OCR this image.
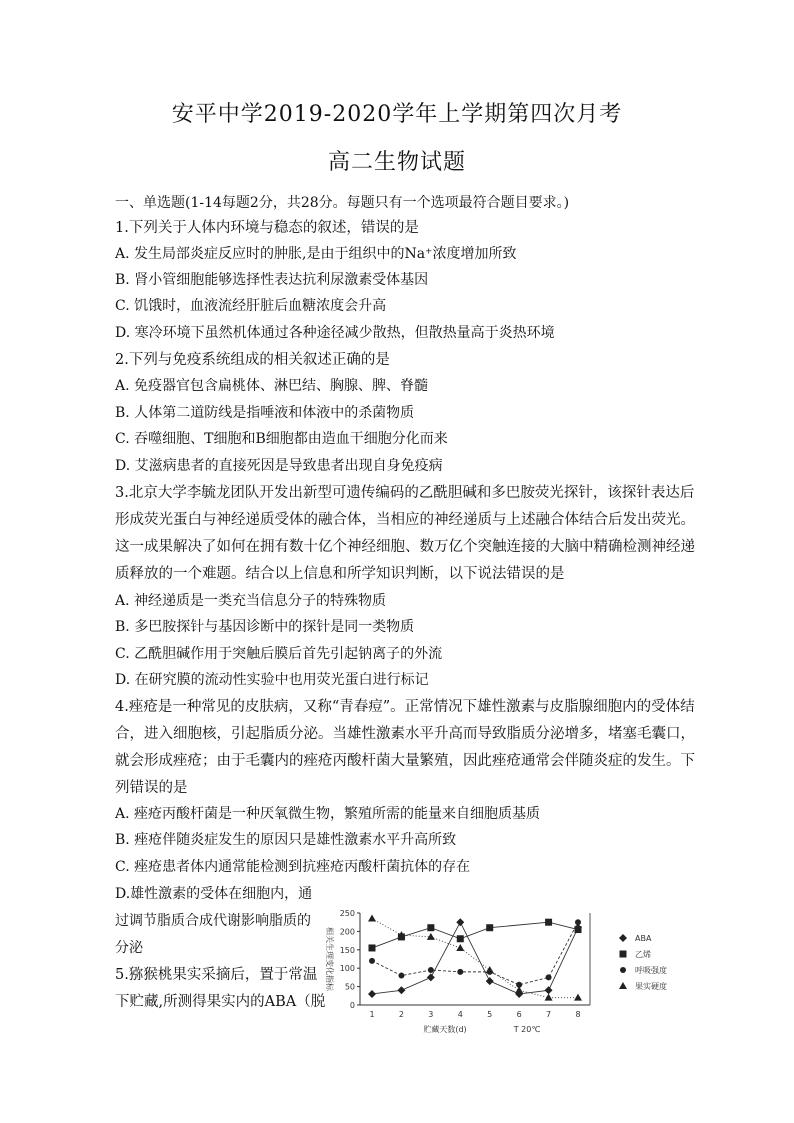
安平中学2019-2020学年上学期第四次月考
高二生物试题
一、单选题(1-14每题2分，共28分。每题只有一个选项最符合题目要求。)
1.下列关于人体内环境与稳态的叙述，错误的是
A. 发生局部炎症反应时的肿胀,是由于组织中的Na⁺浓度增加所致
B. 肾小管细胞能够选择性表达抗利尿激素受体基因
C. 饥饿时，血液流经肝脏后血糖浓度会升高
D. 寒冷环境下虽然机体通过各种途径减少散热，但散热量高于炎热环境
2.下列与免疫系统组成的相关叙述正确的是
A. 免疫器官包含扁桃体、淋巴结、胸腺、脾、脊髓
B. 人体第二道防线是指唾液和体液中的杀菌物质
C. 吞噬细胞、T细胞和B细胞都由造血干细胞分化而来
D. 艾滋病患者的直接死因是导致患者出现自身免疫病
3.北京大学李毓龙团队开发出新型可遗传编码的乙酰胆碱和多巴胺荧光探针，该探针表达后
形成荧光蛋白与神经递质受体的融合体，当相应的神经递质与上述融合体结合后发出荧光。
这一成果解决了如何在拥有数十亿个神经细胞、数万亿个突触连接的大脑中精确检测神经递
质释放的一个难题。结合以上信息和所学知识判断，以下说法错误的是
A. 神经递质是一类充当信息分子的特殊物质
B. 多巴胺探针与基因诊断中的探针是同一类物质
C. 乙酰胆碱作用于突触后膜后首先引起钠离子的外流
D. 在研究膜的流动性实验中也用荧光蛋白进行标记
4.痤疮是一种常见的皮肤病，又称“青春痘”。正常情况下雄性激素与皮脂腺细胞内的受体结
合，进入细胞核，引起脂质分泌。当雄性激素水平升高而导致脂质分泌增多，堵塞毛囊口，
就会形成痤疮；由于毛囊内的痤疮丙酸杆菌大量繁殖，因此痤疮通常会伴随炎症的发生。下
列错误的是
A. 痤疮丙酸杆菌是一种厌氧微生物，繁殖所需的能量来自细胞质基质
B. 痤疮伴随炎症发生的原因只是雄性激素水平升高所致
C. 痤疮患者体内通常能检测到抗痤疮丙酸杆菌抗体的存在
D.雄性激素的受体在细胞内，通
过调节脂质合成代谢影响脂质的
分泌
5.猕猴桃果实采摘后，置于常温
下贮藏,所测得果实内的ABA（脱	0
50
100
150
200
250
1	2	3	4	5	6	7	8
相关生理变化指标
贮藏天数(d)	T 20℃
ABA
乙烯
呼吸强度
果实硬度
